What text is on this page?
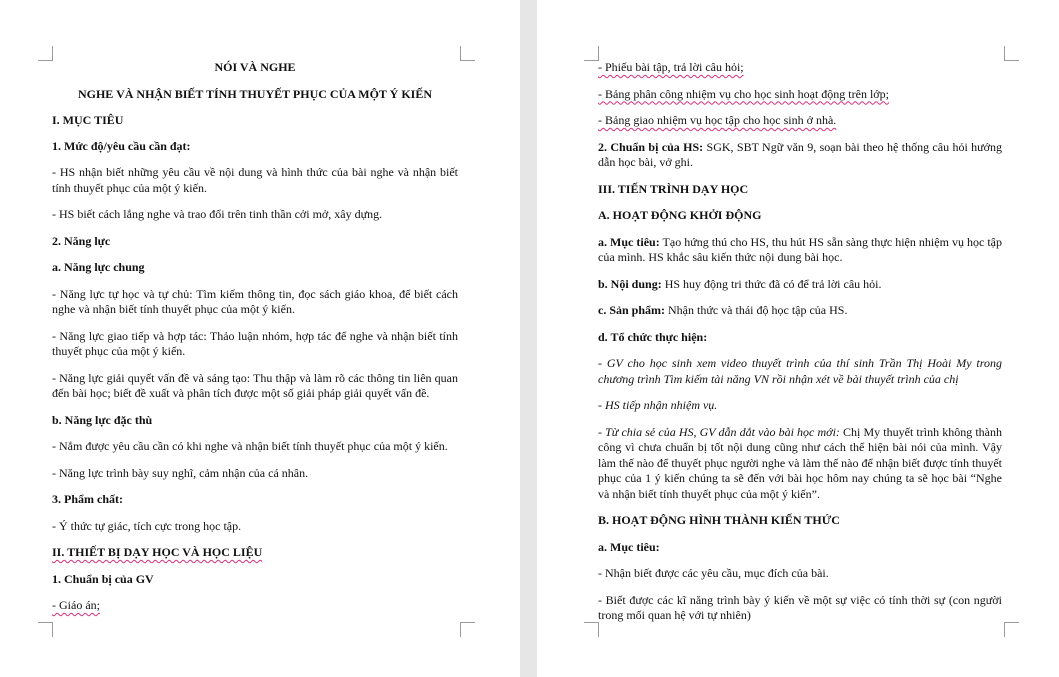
NÓI VÀ NGHE

NGHE VÀ NHẬN BIẾT TÍNH THUYẾT PHỤC CỦA MỘT Ý KIẾN

I. MỤC TIÊU

1. Mức độ/yêu cầu cần đạt:

- HS nhận biết những yêu cầu về nội dung và hình thức của bài nghe và nhận biết tính thuyết phục của một ý kiến.

- HS biết cách lắng nghe và trao đổi trên tinh thần cởi mở, xây dựng.

2. Năng lực

a. Năng lực chung

- Năng lực tự học và tự chủ: Tìm kiếm thông tin, đọc sách giáo khoa, để biết cách nghe và nhận biết tính thuyết phục của một ý kiến.

- Năng lực giao tiếp và hợp tác: Thảo luận nhóm, hợp tác để nghe và nhận biết tính thuyết phục của một ý kiến.

- Năng lực giải quyết vấn đề và sáng tạo: Thu thập và làm rõ các thông tin liên quan đến bài học; biết đề xuất và phân tích được một số giải pháp giải quyết vấn đề.

b. Năng lực đặc thù

- Nắm được yêu cầu cần có khi nghe và nhận biết tính thuyết phục của một ý kiến.

- Năng lực trình bày suy nghĩ, cảm nhận của cá nhân.

3. Phẩm chất:

- Ý thức tự giác, tích cực trong học tập.

II. THIẾT BỊ DẠY HỌC VÀ HỌC LIỆU

1. Chuẩn bị của GV

- Giáo án;

- Phiếu bài tập, trả lời câu hỏi;

- Bảng phân công nhiệm vụ cho học sinh hoạt động trên lớp;

- Bảng giao nhiệm vụ học tập cho học sinh ở nhà.

2. Chuẩn bị của HS: SGK, SBT Ngữ văn 9, soạn bài theo hệ thống câu hỏi hướng dẫn học bài, vở ghi.

III. TIẾN TRÌNH DẠY HỌC

A. HOẠT ĐỘNG KHỞI ĐỘNG

a. Mục tiêu: Tạo hứng thú cho HS, thu hút HS sẵn sàng thực hiện nhiệm vụ học tập của mình. HS khắc sâu kiến thức nội dung bài học.

b. Nội dung: HS huy động tri thức đã có để trả lời câu hỏi.

c. Sản phẩm: Nhận thức và thái độ học tập của HS.

d. Tổ chức thực hiện:

- GV cho học sinh xem video thuyết trình của thí sinh Trần Thị Hoài My trong chương trình Tìm kiếm tài năng VN rồi nhận xét về bài thuyết trình của chị

- HS tiếp nhận nhiệm vụ.

- Từ chia sẻ của HS, GV dẫn dắt vào bài học mới: Chị My thuyết trình không thành công vì chưa chuẩn bị tốt nội dung cũng như cách thể hiện bài nói của mình. Vậy làm thế nào để thuyết phục người nghe và làm thế nào để nhận biết được tính thuyết phục của 1 ý kiến chúng ta sẽ đến với bài học hôm nay chúng ta sẽ học bài “Nghe và nhận biết tính thuyết phục của một ý kiến”.

B. HOẠT ĐỘNG HÌNH THÀNH KIẾN THỨC

a. Mục tiêu:

- Nhận biết được các yêu cầu, mục đích của bài.

- Biết được các kĩ năng trình bày ý kiến về một sự việc có tính thời sự (con người trong mối quan hệ với tự nhiên)
